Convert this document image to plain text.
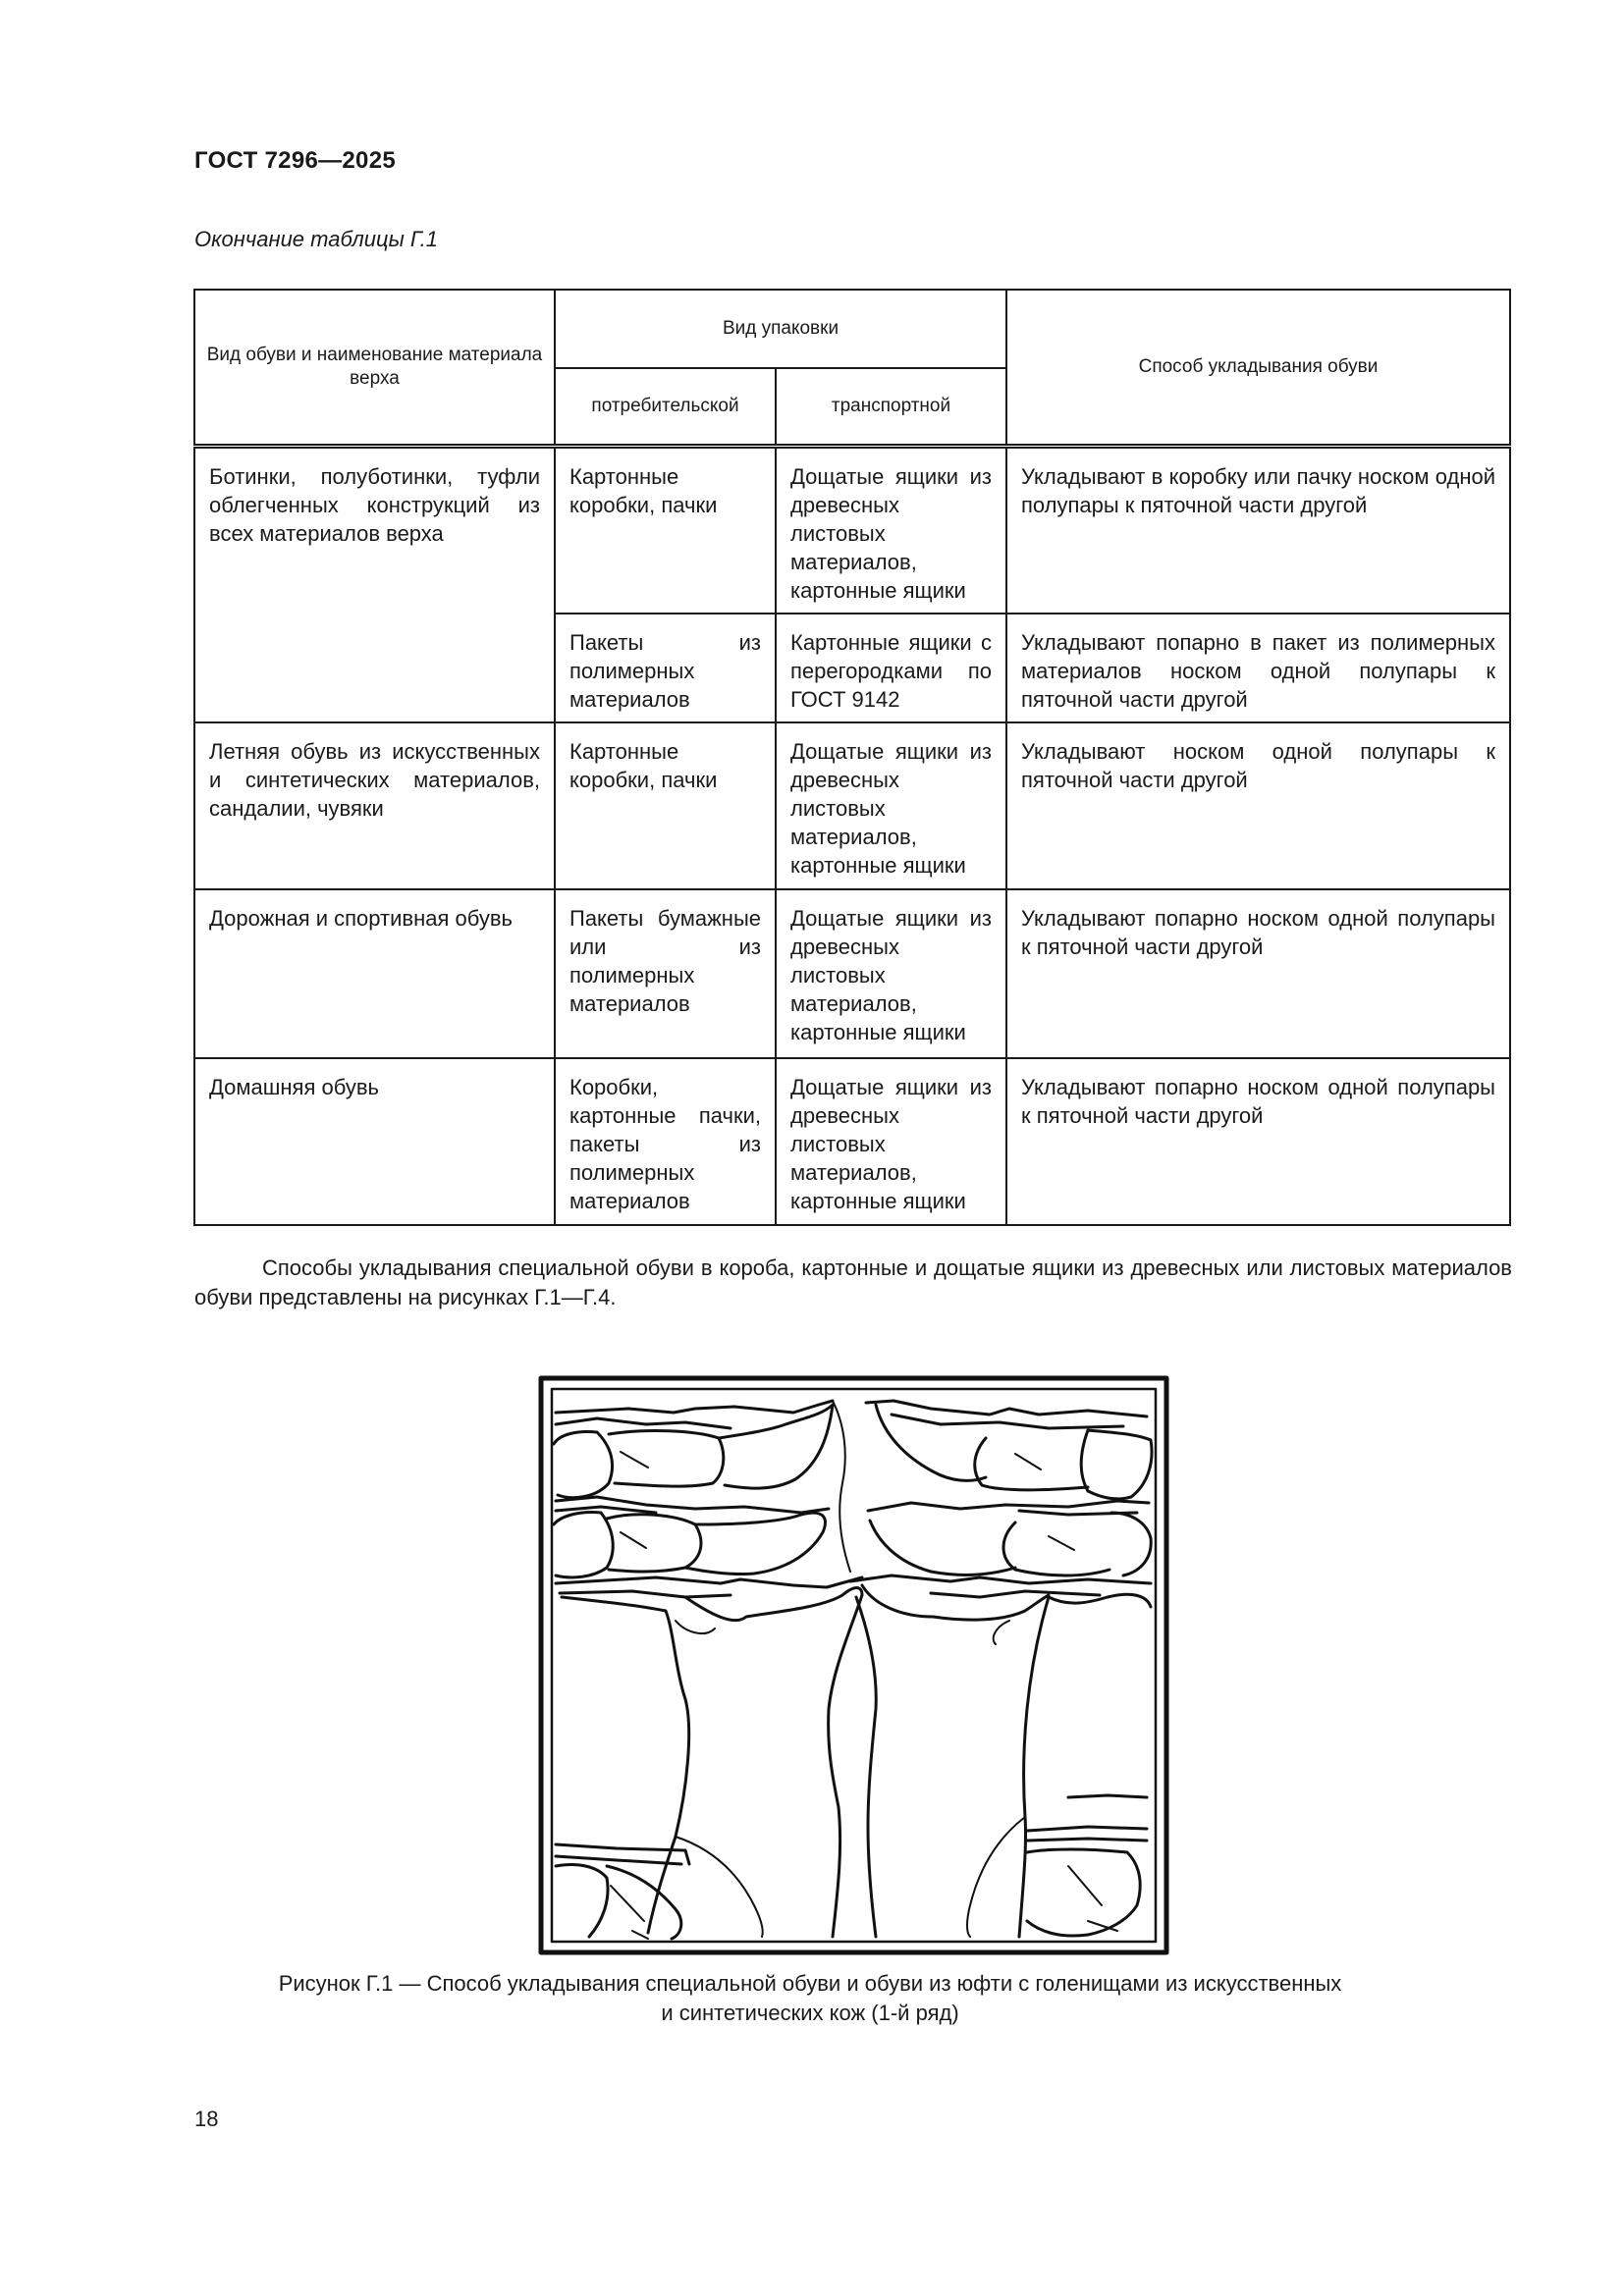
ГОСТ 7296—2025
Окончание таблицы Г.1
Вид обуви и наименование материала верха	Вид упаковки		Способ укладывания обуви
	потребительской	транспортной	
Ботинки, полуботинки, туфли облегченных конструкций из всех материалов верха	Картонные коробки, пачки	Дощатые ящики из древесных листовых материалов, картонные ящики	Укладывают в коробку или пачку носком одной полупары к пяточной части другой
	Пакеты из полимерных материалов	Картонные ящики с перегородками по ГОСТ 9142	Укладывают попарно в пакет из полимерных материалов носком одной полупары к пяточной части другой
Летняя обувь из искусственных и синтетических материалов, сандалии, чувяки	Картонные коробки, пачки	Дощатые ящики из древесных листовых материалов, картонные ящики	Укладывают носком одной полупары к пяточной части другой
Дорожная и спортивная обувь	Пакеты бумажные или из полимерных материалов	Дощатые ящики из древесных листовых материалов, картонные ящики	Укладывают попарно носком одной полупары к пяточной части другой
Домашняя обувь	Коробки, картонные пачки, пакеты из полимерных материалов	Дощатые ящики из древесных листовых материалов, картонные ящики	Укладывают попарно носком одной полупары к пяточной части другой
Способы укладывания специальной обуви в короба, картонные и дощатые ящики из древесных или листовых материалов обуви представлены на рисунках Г.1—Г.4.
Рисунок Г.1 — Способ укладывания специальной обуви и обуви из юфти с голенищами из искусственных
и синтетических кож (1-й ряд)
18
